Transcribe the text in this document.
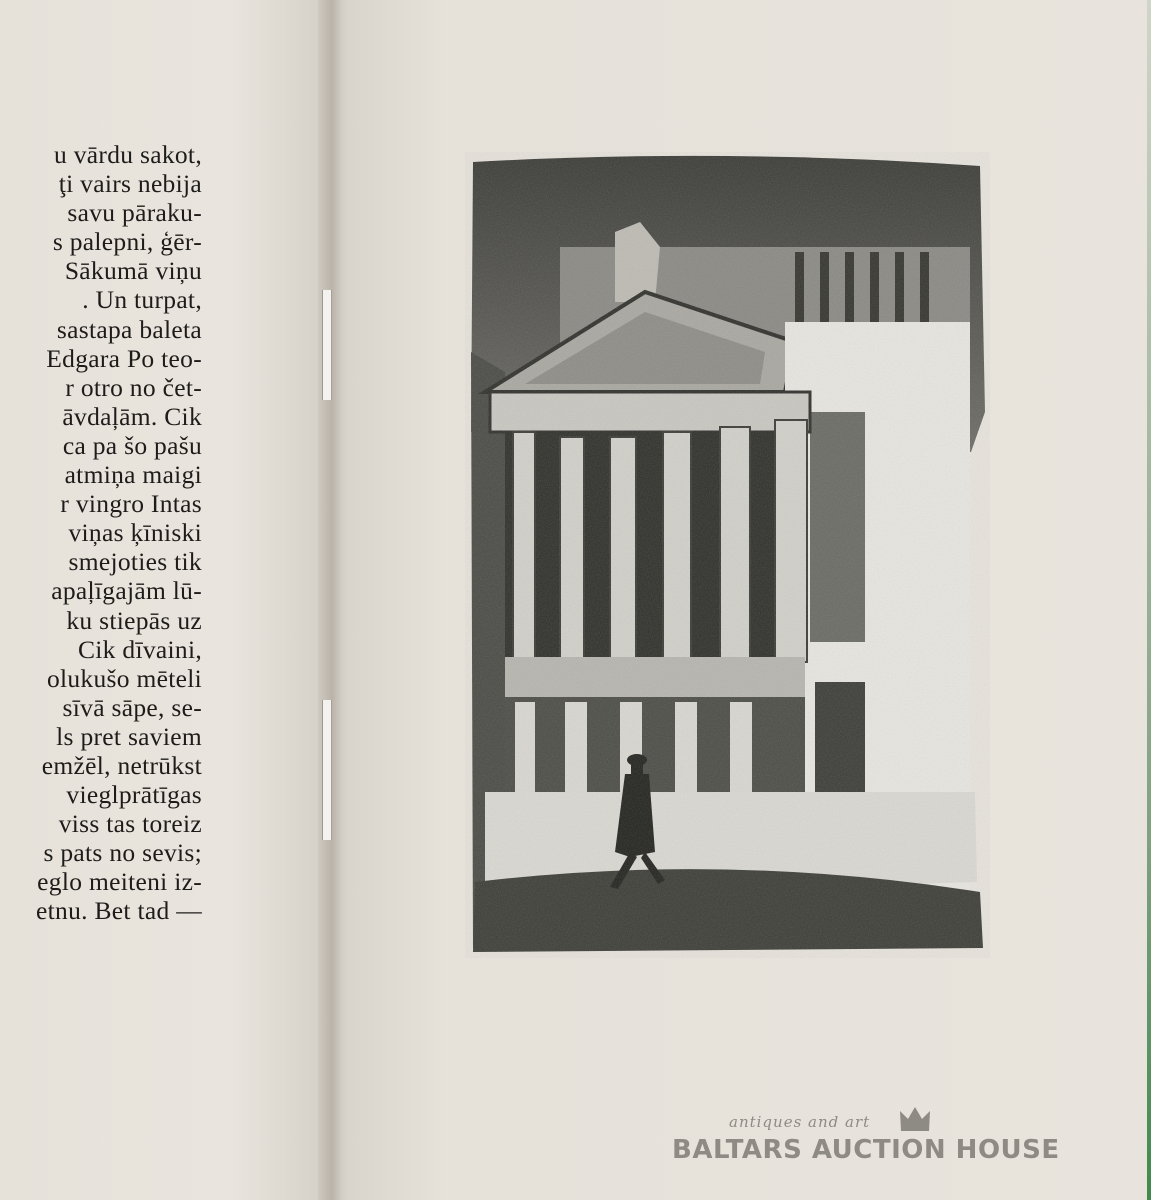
u vārdu sakot,
ţi vairs nebija
savu pāraku-
s palepni, ģēr-
Sākumā viņu
. Un turpat,
sastapa baleta
Edgara Po teo-
r otro no čet-
āvdaļām. Cik
ca pa šo pašu
atmiņa maigi
r vingro Intas
viņas ķīniski
smejoties tik
apaļīgajām lū-
ku stiepās uz
Cik dīvaini,
olukušo mēteli
sīvā sāpe, se-
ls pret saviem
emžēl, netrūkst
vieglprātīgas
viss tas toreiz
s pats no sevis;
eglo meiteni iz-
etnu. Bet tad —
antiques and art
BALTARS AUCTION HOUSE
